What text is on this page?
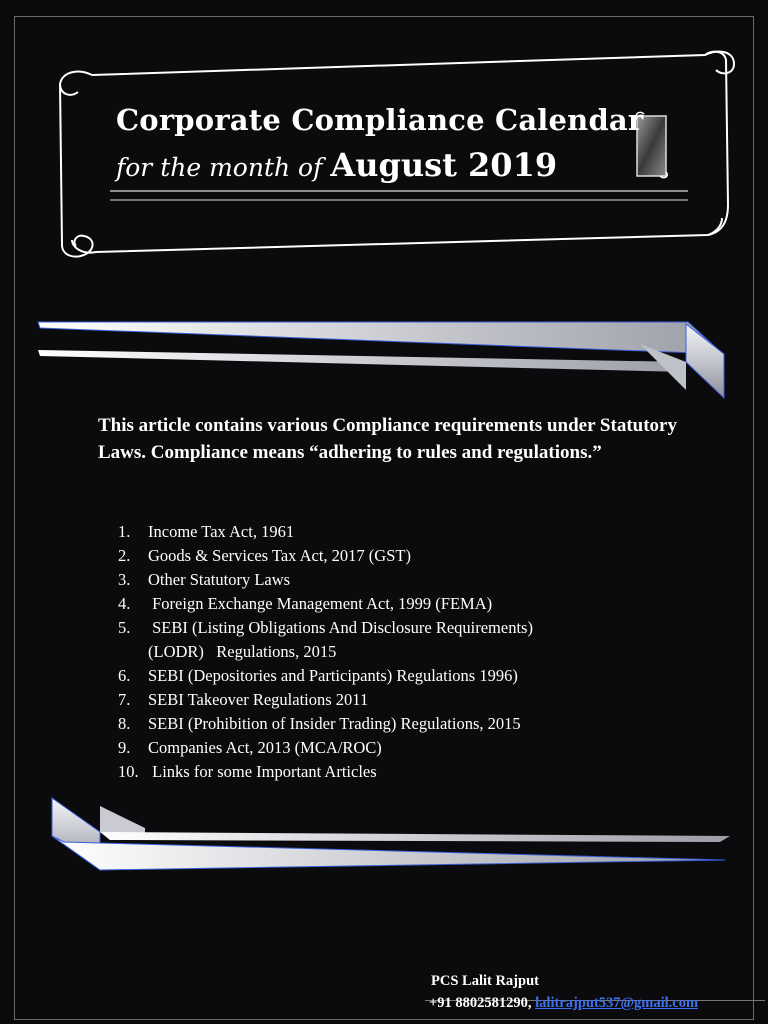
Corporate Compliance Calendar
for the month of August 2019
This article contains various Compliance requirements under Statutory Laws. Compliance means “adhering to rules and regulations.”
1.	Income Tax Act, 1961
2.	Goods & Services Tax Act, 2017 (GST)
3.	Other Statutory Laws
4.	Foreign Exchange Management Act, 1999 (FEMA)
5.	SEBI (Listing Obligations And Disclosure Requirements)
(LODR)   Regulations, 2015
6.	SEBI (Depositories and Participants) Regulations 1996)
7.	SEBI Takeover Regulations 2011
8.	SEBI (Prohibition of Insider Trading) Regulations, 2015
9.	Companies Act, 2013 (MCA/ROC)
10. Links for some Important Articles
PCS Lalit Rajput
+91 8802581290, lalitrajput537@gmail.com
